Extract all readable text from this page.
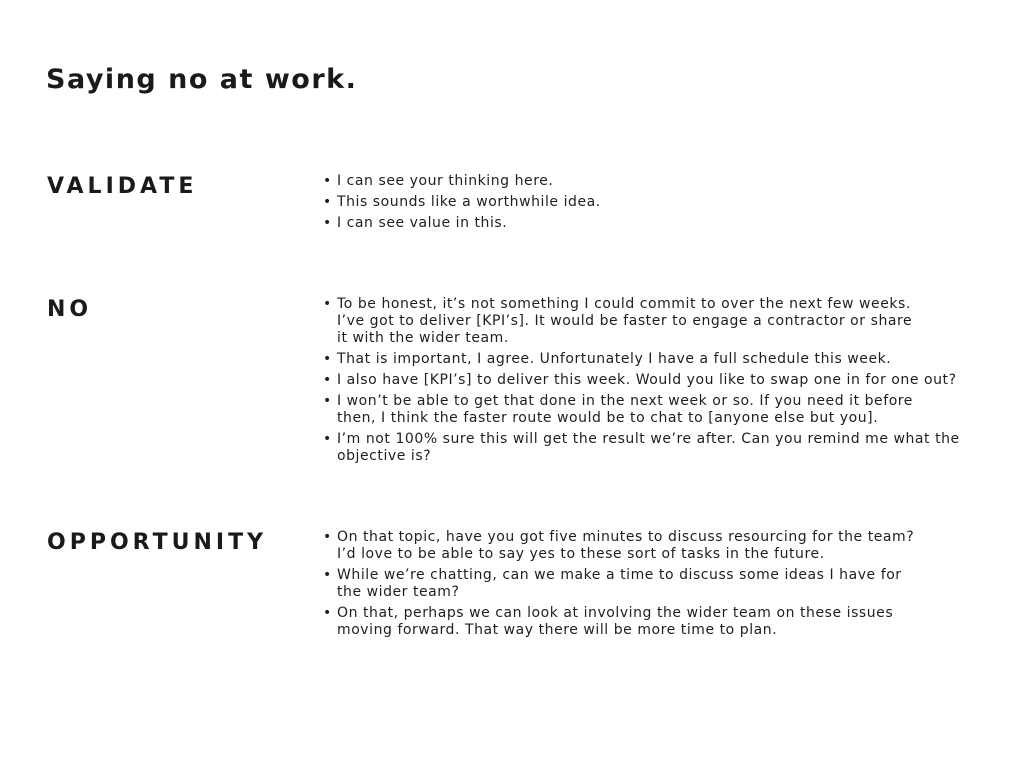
Saying no at work.
VALIDATE	• I can see your thinking here.
• This sounds like a worthwhile idea.
• I can see value in this.
NO	• To be honest, it’s not something I could commit to over the next few weeks.
I’ve got to deliver [KPI’s]. It would be faster to engage a contractor or share
it with the wider team.
• That is important, I agree. Unfortunately I have a full schedule this week.
• I also have [KPI’s] to deliver this week. Would you like to swap one in for one out?
• I won’t be able to get that done in the next week or so. If you need it before
then, I think the faster route would be to chat to [anyone else but you].
• I’m not 100% sure this will get the result we’re after. Can you remind me what the
objective is?
OPPORTUNITY	• On that topic, have you got five minutes to discuss resourcing for the team?
I’d love to be able to say yes to these sort of tasks in the future.
• While we’re chatting, can we make a time to discuss some ideas I have for
the wider team?
• On that, perhaps we can look at involving the wider team on these issues
moving forward. That way there will be more time to plan.
